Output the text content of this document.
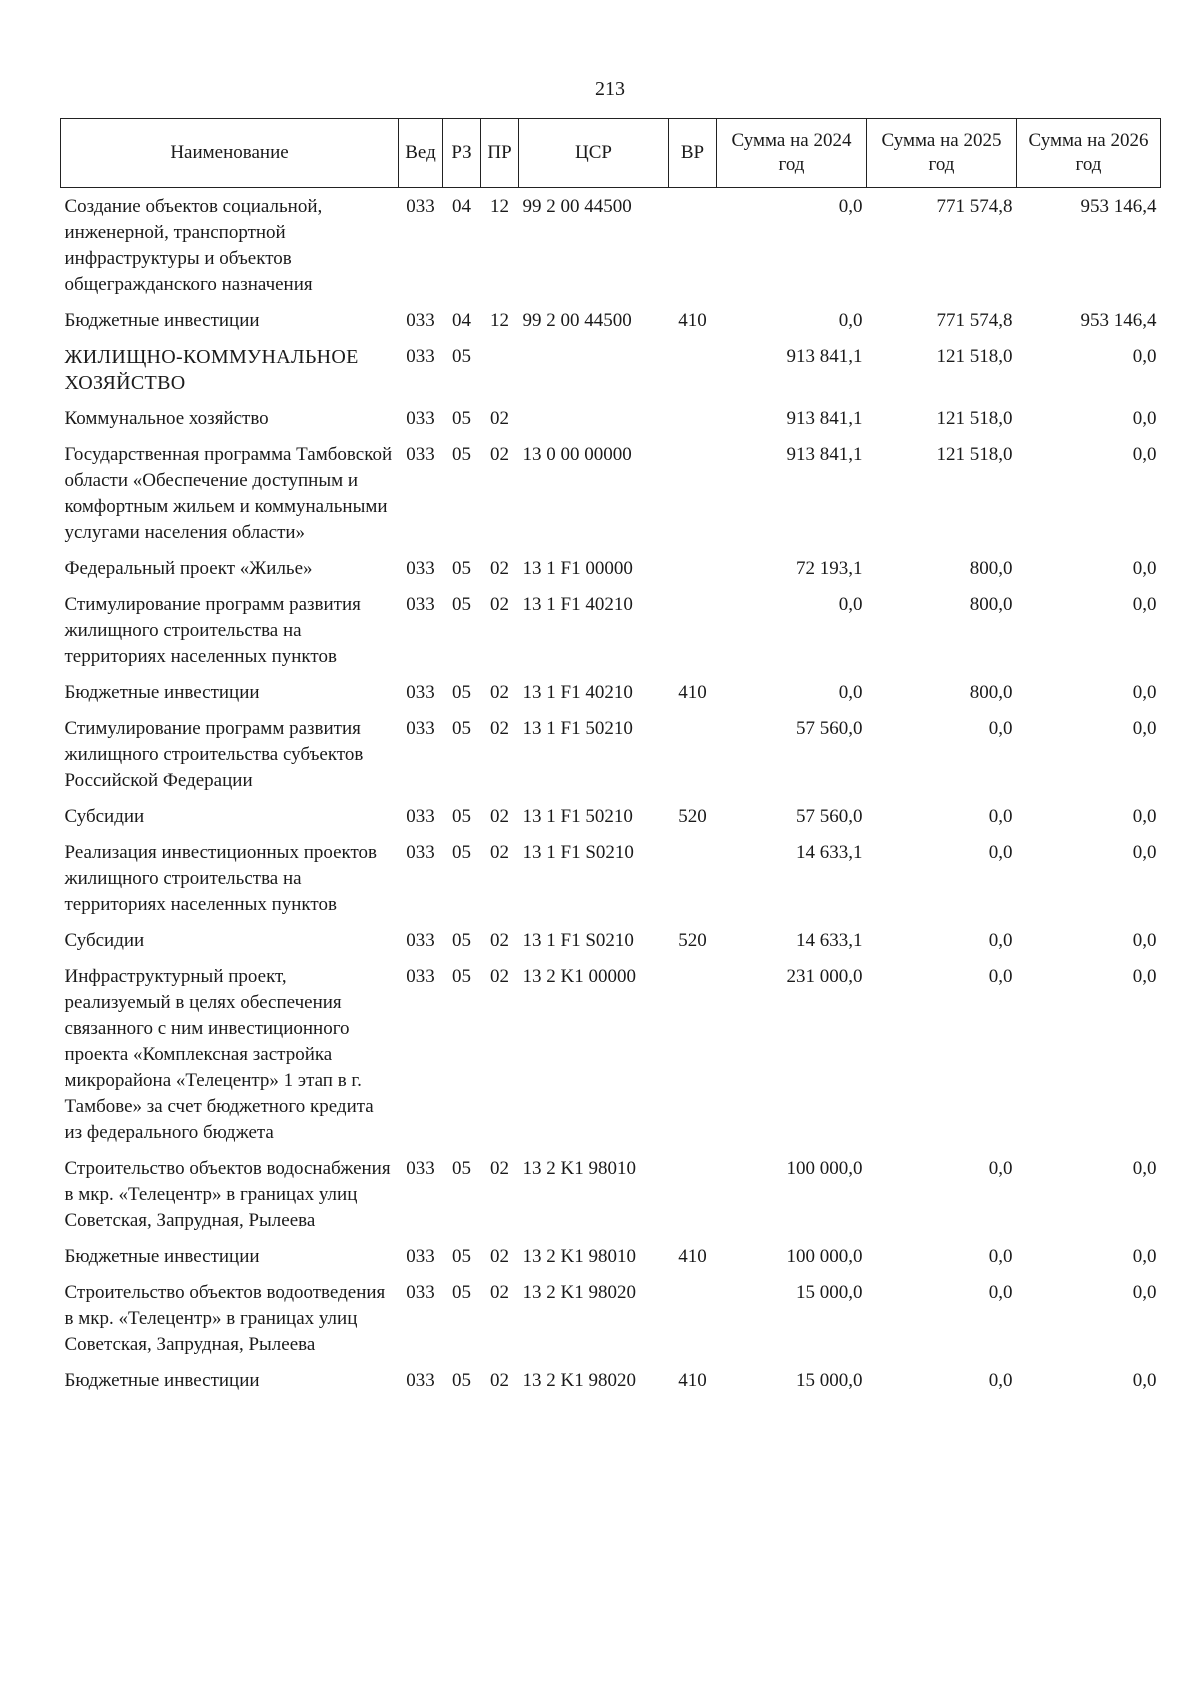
213
Наименование	Вед	РЗ	ПР	ЦСР	ВР	Сумма на 2024 год	Сумма на 2025 год	Сумма на 2026 год
Создание объектов социальной, инженерной, транспортной инфраструктуры и объектов общегражданского назначения	033	04	12	99 2 00 44500		0,0	771 574,8	953 146,4
Бюджетные инвестиции	033	04	12	99 2 00 44500	410	0,0	771 574,8	953 146,4
ЖИЛИЩНО-КОММУНАЛЬНОЕ ХОЗЯЙСТВО	033	05				913 841,1	121 518,0	0,0
Коммунальное хозяйство	033	05	02			913 841,1	121 518,0	0,0
Государственная программа Тамбовской области «Обеспечение доступным и комфортным жильем и коммунальными услугами населения области»	033	05	02	13 0 00 00000		913 841,1	121 518,0	0,0
Федеральный проект «Жилье»	033	05	02	13 1 F1 00000		72 193,1	800,0	0,0
Стимулирование программ развития жилищного строительства на территориях населенных пунктов	033	05	02	13 1 F1 40210		0,0	800,0	0,0
Бюджетные инвестиции	033	05	02	13 1 F1 40210	410	0,0	800,0	0,0
Стимулирование программ развития жилищного строительства субъектов Российской Федерации	033	05	02	13 1 F1 50210		57 560,0	0,0	0,0
Субсидии	033	05	02	13 1 F1 50210	520	57 560,0	0,0	0,0
Реализация инвестиционных проектов жилищного строительства на территориях населенных пунктов	033	05	02	13 1 F1 S0210		14 633,1	0,0	0,0
Субсидии	033	05	02	13 1 F1 S0210	520	14 633,1	0,0	0,0
Инфраструктурный проект, реализуемый в целях обеспечения связанного с ним инвестиционного проекта «Комплексная застройка микрорайона «Телецентр» 1 этап в г. Тамбове» за счет бюджетного кредита из федерального бюджета	033	05	02	13 2 K1 00000		231 000,0	0,0	0,0
Строительство объектов водоснабжения в мкр. «Телецентр» в границах улиц Советская, Запрудная, Рылеева	033	05	02	13 2 K1 98010		100 000,0	0,0	0,0
Бюджетные инвестиции	033	05	02	13 2 K1 98010	410	100 000,0	0,0	0,0
Строительство объектов водоотведения в мкр. «Телецентр» в границах улиц Советская, Запрудная, Рылеева	033	05	02	13 2 K1 98020		15 000,0	0,0	0,0
Бюджетные инвестиции	033	05	02	13 2 K1 98020	410	15 000,0	0,0	0,0
